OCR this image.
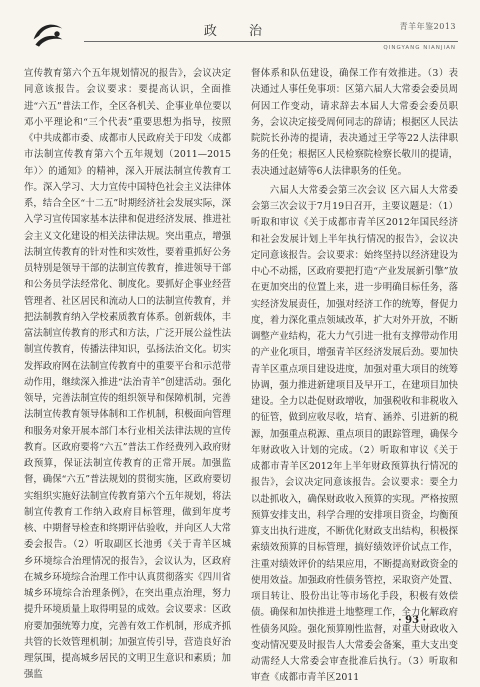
政 治	青羊年鉴2013
QINGYANG NIANJIAN

宣传教育第六个五年规划情况的报告》，会议决定同意该报告。会议要求：要提高认识，全面推进“六五”普法工作，全区各机关、企事业单位要以邓小平理论和“三个代表”重要思想为指导，按照《中共成都市委、成都市人民政府关于印发〈成都市法制宣传教育第六个五年规划（2011—2015年）〉的通知》的精神，深入开展法制宣传教育工作。深入学习、大力宣传中国特色社会主义法律体系，结合全区“十二五”时期经济社会发展实际，深入学习宣传国家基本法律和促进经济发展、推进社会主义文化建设的相关法律法规。突出重点，增强法制宣传教育的针对性和实效性，要着重抓好公务员特别是领导干部的法制宣传教育，推进领导干部和公务员学法经常化、制度化。要抓好企事业经营管理者、社区居民和流动人口的法制宣传教育，并把法制教育纳入学校素质教育体系。创新载体，丰富法制宣传教育的形式和方法，广泛开展公益性法制宣传教育，传播法律知识，弘扬法治文化。切实发挥政府网在法制宣传教育中的重要平台和示范带动作用，继续深入推进“法治青羊”创建活动。强化领导，完善法制宣传的组织领导和保障机制，完善法制宣传教育领导体制和工作机制，积极面向管理和服务对象开展本部门本行业相关法律法规的宣传教育。区政府要将“六五”普法工作经费列入政府财政预算，保证法制宣传教育的正常开展。加强监督，确保“六五”普法规划的贯彻实施，区政府要切实组织实施好法制宣传教育第六个五年规划，将法制宣传教育工作纳入政府目标管理，做到年度考核、中期督导检查和终期评估验收，并向区人大常委会报告。（2）听取副区长池勇《关于青羊区城乡环境综合治理情况的报告》，会议认为，区政府在城乡环境综合治理工作中认真贯彻落实《四川省城乡环境综合治理条例》，在突出重点治理，努力提升环境质量上取得明显的成效。会议要求：区政府要加强统筹力度，完善有效工作机制，形成齐抓共管的长效管理机制；加强宣传引导，营造良好治理氛围，提高城乡居民的文明卫生意识和素质；加强监

督体系和队伍建设，确保工作有效推进。（3）表决通过人事任免事项：区第六届人大常委会委员周何因工作变动，请求辞去本届人大常委会委员职务，会议决定接受周何同志的辞请；根据区人民法院院长孙涛的提请，表决通过王学等22人法律职务的任免；根据区人民检察院检察长敬川的提请，表决通过赵婧等6人法律职务的任免。

六届人大常委会第三次会议 区六届人大常委会第三次会议于7月19日召开，主要议题是：（1）听取和审议《关于成都市青羊区2012年国民经济和社会发展计划上半年执行情况的报告》，会议决定同意该报告。会议要求：始终坚持以经济建设为中心不动摇，区政府要把打造“产业发展新引擎”放在更加突出的位置上来，进一步明确目标任务，落实经济发展责任，加强对经济工作的统筹，督促力度，着力深化重点领域改革，扩大对外开放，不断调整产业结构，花大力气引进一批有支撑带动作用的产业化项目，增强青羊区经济发展后劲。要加快青羊区重点项目建设进度，加强对重大项目的统筹协调，强力推进新建项目及早开工，在建项目加快建设。全力以赴促财政增收，加强税收和非税收入的征管，做到应收尽收，培育、涵养、引进新的税源，加强重点税源、重点项目的跟踪管理，确保今年财政收入计划的完成。（2）听取和审议《关于成都市青羊区2012年上半年财政预算执行情况的报告》，会议决定同意该报告。会议要求：要全力以赴抓收入，确保财政收入预算的实现。严格按照预算安排支出，科学合理的安排项目资金，均衡预算支出执行进度，不断优化财政支出结构，积极探索绩效预算的目标管理，搞好绩效评价试点工作，注重对绩效评价的结果应用，不断提高财政资金的使用效益。加强政府性债务管控，采取资产处置、项目转让、股份出让等市场化手段，积极有效偿债。确保和加快推进土地整理工作，全力化解政府性债务风险。强化预算刚性监督，对重大财政收入变动情况要及时报告人大常委会备案，重大支出变动需经人大常委会审查批准后执行。（3）听取和审查《成都市青羊区2011

· 93 ·
